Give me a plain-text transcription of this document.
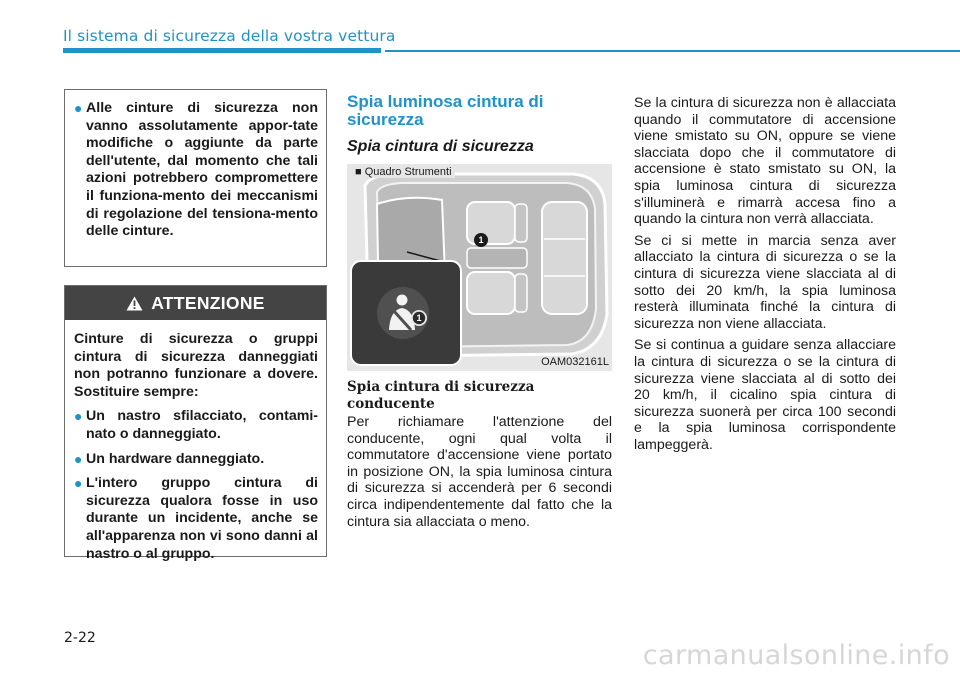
Il sistema di sicurezza della vostra vettura
● Alle cinture di sicurezza non vanno assolutamente appor-tate modifiche o aggiunte da parte dell'utente, dal momento che tali azioni potrebbero compromettere il funziona-mento dei meccanismi di regolazione del tensiona-mento delle cinture.
ATTENZIONE
Cinture di sicurezza o gruppi cintura di sicurezza danneggiati non potranno funzionare a dovere. Sostituire sempre:
● Un nastro sfilacciato, contami-nato o danneggiato.
● Un hardware danneggiato.
● L'intero gruppo cintura di sicurezza qualora fosse in uso durante un incidente, anche se all'apparenza non vi sono danni al nastro o al gruppo.
Spia luminosa cintura di sicurezza
Spia cintura di sicurezza
■ Quadro Strumenti
OAM032161L
1
1
Spia cintura di sicurezza conducente

Per richiamare l'attenzione del conducente, ogni qual volta il commutatore d'accensione viene portato in posizione ON, la spia luminosa cintura di sicurezza si accenderà per 6 secondi circa indipendentemente dal fatto che la cintura sia allacciata o meno.

Se la cintura di sicurezza non è allacciata quando il commutatore di accensione viene smistato su ON, oppure se viene slacciata dopo che il commutatore di accensione è stato smistato su ON, la spia luminosa cintura di sicurezza s'illuminerà e rimarrà accesa fino a quando la cintura non verrà allacciata.

Se ci si mette in marcia senza aver allacciato la cintura di sicurezza o se la cintura di sicurezza viene slacciata al di sotto dei 20 km/h, la spia luminosa resterà illuminata finché la cintura di sicurezza non viene allacciata.

Se si continua a guidare senza allacciare la cintura di sicurezza o se la cintura di sicurezza viene slacciata al di sotto dei 20 km/h, il cicalino spia cintura di sicurezza suonerà per circa 100 secondi e la spia luminosa corrispondente lampeggerà.

2-22
carmanualsonline.info
